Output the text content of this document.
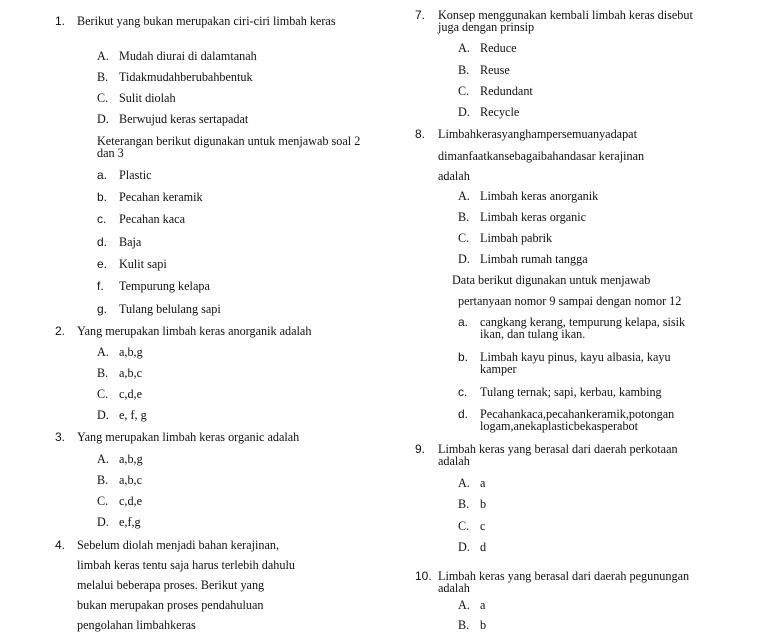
1. Berikut yang bukan merupakan ciri-ciri limbah keras
A. Mudah diurai di dalamtanah
B. Tidakmudahberubahbentuk
C. Sulit diolah
D. Berwujud keras sertapadat
Keterangan berikut digunakan untuk menjawab soal 2 dan 3
a. Plastic
b. Pecahan keramik
c. Pecahan kaca
d. Baja
e. Kulit sapi
f. Tempurung kelapa
g. Tulang belulang sapi
2. Yang merupakan limbah keras anorganik adalah
A. a,b,g
B. a,b,c
C. c,d,e
D. e, f, g
3. Yang merupakan limbah keras organic adalah
A. a,b,g
B. a,b,c
C. c,d,e
D. e,f,g
4. Sebelum diolah menjadi bahan kerajinan,
limbah keras tentu saja harus terlebih dahulu
melalui beberapa proses. Berikut yang
bukan merupakan proses pendahuluan
pengolahan limbahkeras
7. Konsep menggunakan kembali limbah keras disebut
juga dengan prinsip
A. Reduce
B. Reuse
C. Redundant
D. Recycle
8. Limbahkerasyanghampersemuanyadapat
dimanfaatkansebagaibahandasar kerajinan
adalah
A. Limbah keras anorganik
B. Limbah keras organic
C. Limbah pabrik
D. Limbah rumah tangga
Data berikut digunakan untuk menjawab
pertanyaan nomor 9 sampai dengan nomor 12
a. cangkang kerang, tempurung kelapa, sisik
ikan, dan tulang ikan.
b. Limbah kayu pinus, kayu albasia, kayu
kamper
c. Tulang ternak; sapi, kerbau, kambing
d. Pecahankaca,pecahankeramik,potongan
logam,anekaplasticbekasperabot
9. Limbah keras yang berasal dari daerah perkotaan
adalah
A. a
B. b
C. c
D. d
10. Limbah keras yang berasal dari daerah pegunungan
adalah
A. a
B. b
